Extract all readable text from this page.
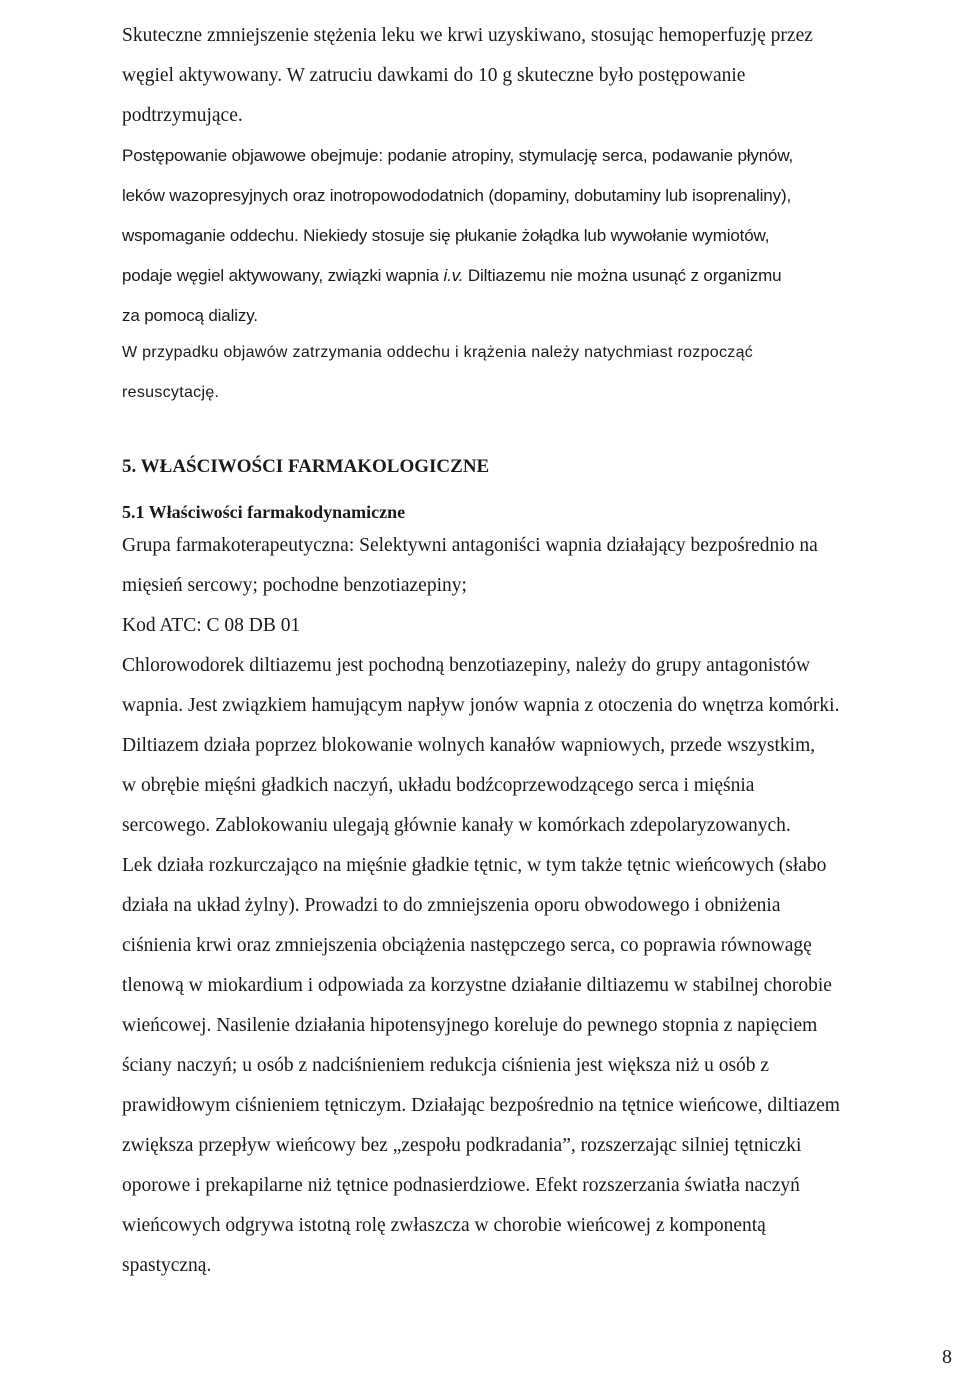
Skuteczne zmniejszenie stężenia leku we krwi uzyskiwano, stosując hemoperfuzję przez
węgiel aktywowany. W zatruciu dawkami do 10 g skuteczne było postępowanie
podtrzymujące.
Postępowanie objawowe obejmuje: podanie atropiny, stymulację serca, podawanie płynów,
leków wazopresyjnych oraz inotropowododatnich (dopaminy, dobutaminy lub isoprenaliny),
wspomaganie oddechu. Niekiedy stosuje się płukanie żołądka lub wywołanie wymiotów,
podaje węgiel aktywowany, związki wapnia i.v. Diltiazemu nie można usunąć z organizmu
za pomocą dializy.
W przypadku objawów zatrzymania oddechu i krążenia należy natychmiast rozpocząć
resuscytację.
5. WŁAŚCIWOŚCI FARMAKOLOGICZNE
5.1 Właściwości farmakodynamiczne
Grupa farmakoterapeutyczna: Selektywni antagoniści wapnia działający bezpośrednio na
mięsień sercowy; pochodne benzotiazepiny;
Kod ATC: C 08 DB 01
Chlorowodorek diltiazemu jest pochodną benzotiazepiny, należy do grupy antagonistów
wapnia. Jest związkiem hamującym napływ jonów wapnia z otoczenia do wnętrza komórki.
Diltiazem działa poprzez blokowanie wolnych kanałów wapniowych, przede wszystkim,
w obrębie mięśni gładkich naczyń, układu bodźcoprzewodzącego serca i mięśnia
sercowego. Zablokowaniu ulegają głównie kanały w komórkach zdepolaryzowanych.
Lek działa rozkurczająco na mięśnie gładkie tętnic, w tym także tętnic wieńcowych (słabo
działa na układ żylny). Prowadzi to do zmniejszenia oporu obwodowego i obniżenia
ciśnienia krwi oraz zmniejszenia obciążenia następczego serca, co poprawia równowagę
tlenową w miokardium i odpowiada za korzystne działanie diltiazemu w stabilnej chorobie
wieńcowej. Nasilenie działania hipotensyjnego koreluje do pewnego stopnia z napięciem
ściany naczyń; u osób z nadciśnieniem redukcja ciśnienia jest większa niż u osób z
prawidłowym ciśnieniem tętniczym. Działając bezpośrednio na tętnice wieńcowe, diltiazem
zwiększa przepływ wieńcowy bez „zespołu podkradania”, rozszerzając silniej tętniczki
oporowe i prekapilarne niż tętnice podnasierdziowe. Efekt rozszerzania światła naczyń
wieńcowych odgrywa istotną rolę zwłaszcza w chorobie wieńcowej z komponentą
spastyczną.
8
